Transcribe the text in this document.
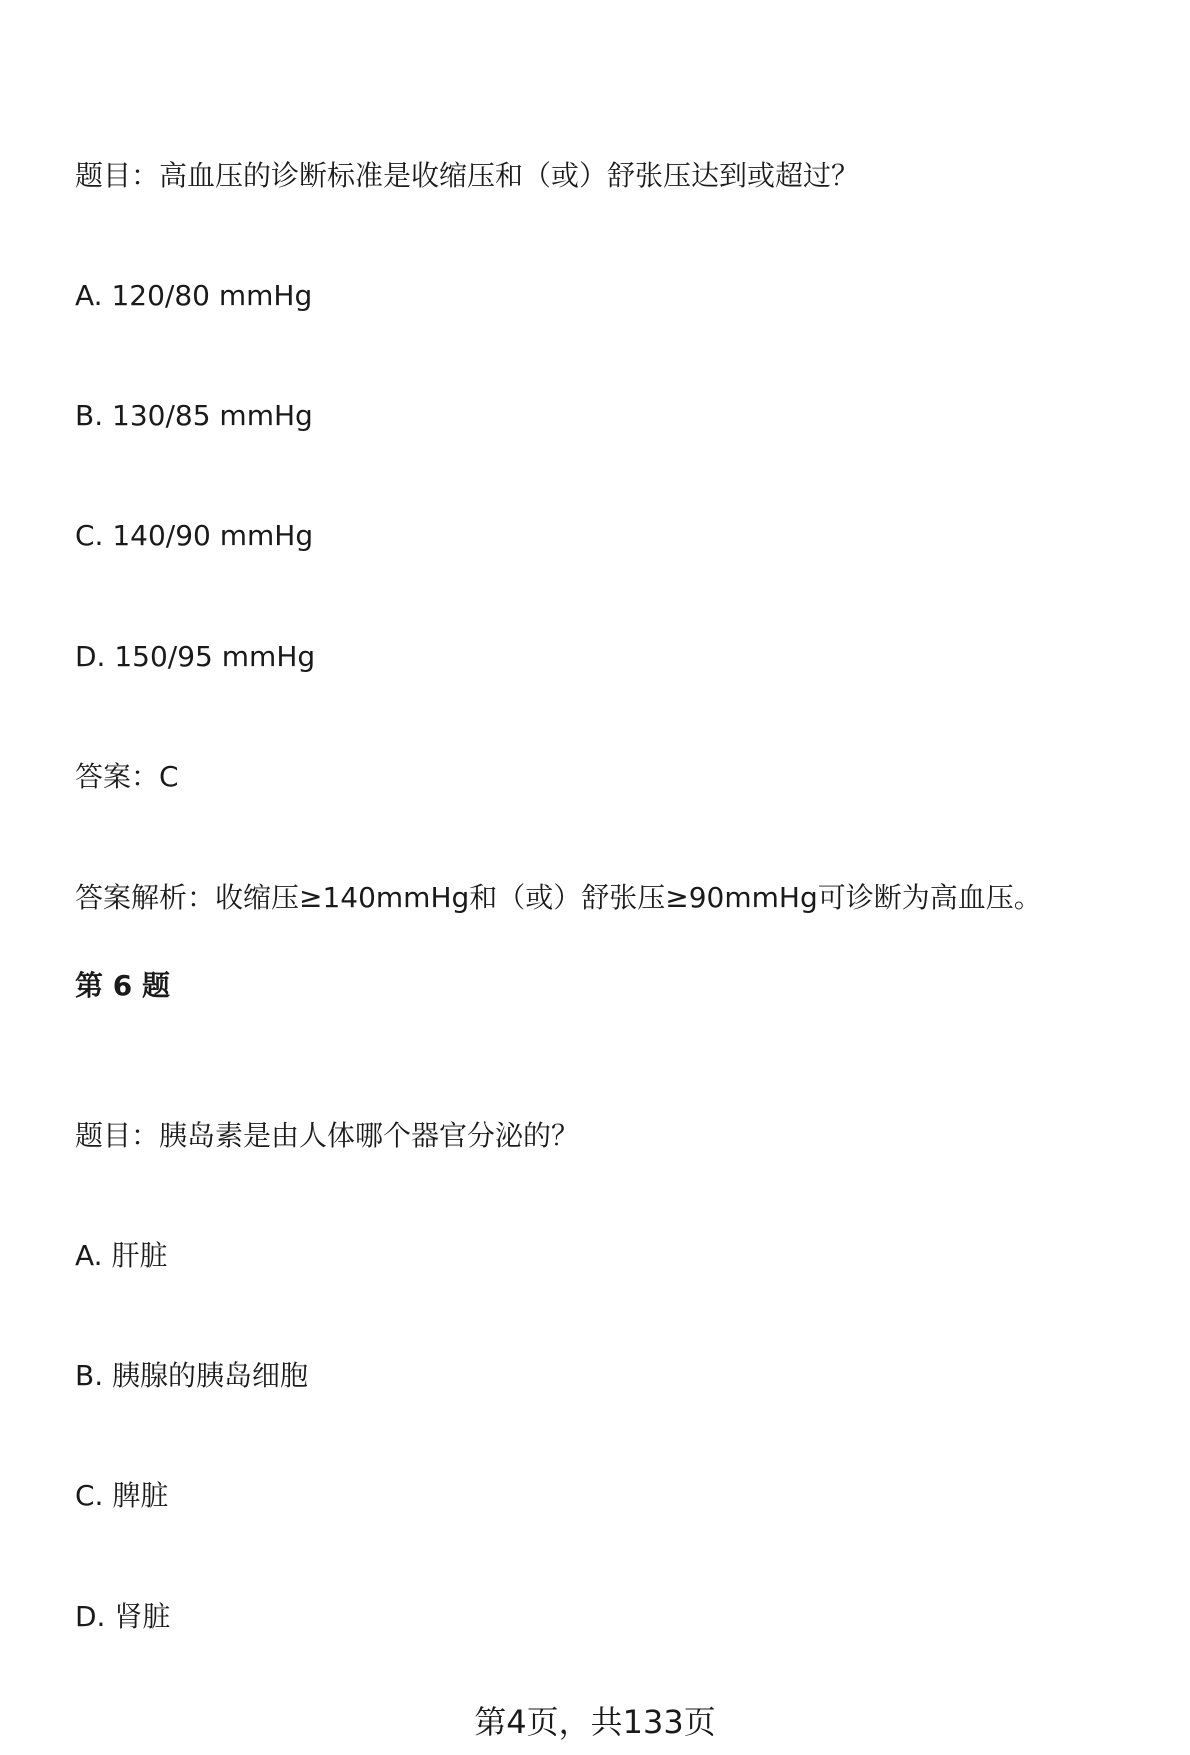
题目：高血压的诊断标准是收缩压和（或）舒张压达到或超过？
A. 120/80 mmHg
B. 130/85 mmHg
C. 140/90 mmHg
D. 150/95 mmHg
答案：C
答案解析：收缩压≥140mmHg和（或）舒张压≥90mmHg可诊断为高血压。
第 6 题
题目：胰岛素是由人体哪个器官分泌的？
A. 肝脏
B. 胰腺的胰岛细胞
C. 脾脏
D. 肾脏
第4页，共133页
